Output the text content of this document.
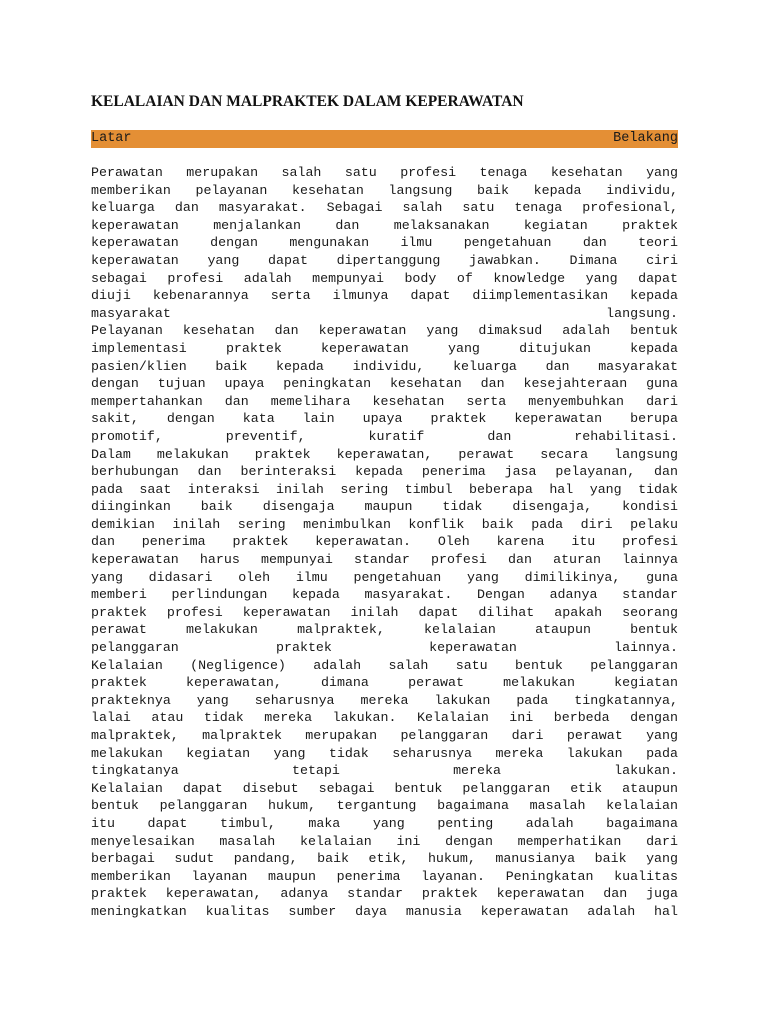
KELALAIAN DAN MALPRAKTEK DALAM KEPERAWATAN
Latar Belakang
Perawatan merupakan salah satu profesi tenaga kesehatan yang
memberikan pelayanan kesehatan langsung baik kepada individu,
keluarga dan masyarakat. Sebagai salah satu tenaga profesional,
keperawatan menjalankan dan melaksanakan kegiatan praktek
keperawatan dengan mengunakan ilmu pengetahuan dan teori
keperawatan yang dapat dipertanggung jawabkan. Dimana ciri
sebagai profesi adalah mempunyai body of knowledge yang dapat
diuji kebenarannya serta ilmunya dapat diimplementasikan kepada
masyarakat langsung.
Pelayanan kesehatan dan keperawatan yang dimaksud adalah bentuk
implementasi praktek keperawatan yang ditujukan kepada
pasien/klien baik kepada individu, keluarga dan masyarakat
dengan tujuan upaya peningkatan kesehatan dan kesejahteraan guna
mempertahankan dan memelihara kesehatan serta menyembuhkan dari
sakit, dengan kata lain upaya praktek keperawatan berupa
promotif, preventif, kuratif dan rehabilitasi.
Dalam melakukan praktek keperawatan, perawat secara langsung
berhubungan dan berinteraksi kepada penerima jasa pelayanan, dan
pada saat interaksi inilah sering timbul beberapa hal yang tidak
diinginkan baik disengaja maupun tidak disengaja, kondisi
demikian inilah sering menimbulkan konflik baik pada diri pelaku
dan penerima praktek keperawatan. Oleh karena itu profesi
keperawatan harus mempunyai standar profesi dan aturan lainnya
yang didasari oleh ilmu pengetahuan yang dimilikinya, guna
memberi perlindungan kepada masyarakat. Dengan adanya standar
praktek profesi keperawatan inilah dapat dilihat apakah seorang
perawat melakukan malpraktek, kelalaian ataupun bentuk
pelanggaran praktek keperawatan lainnya.
Kelalaian (Negligence) adalah salah satu bentuk pelanggaran
praktek keperawatan, dimana perawat melakukan kegiatan
prakteknya yang seharusnya mereka lakukan pada tingkatannya,
lalai atau tidak mereka lakukan. Kelalaian ini berbeda dengan
malpraktek, malpraktek merupakan pelanggaran dari perawat yang
melakukan kegiatan yang tidak seharusnya mereka lakukan pada
tingkatanya tetapi mereka lakukan.
Kelalaian dapat disebut sebagai bentuk pelanggaran etik ataupun
bentuk pelanggaran hukum, tergantung bagaimana masalah kelalaian
itu dapat timbul, maka yang penting adalah bagaimana
menyelesaikan masalah kelalaian ini dengan memperhatikan dari
berbagai sudut pandang, baik etik, hukum, manusianya baik yang
memberikan layanan maupun penerima layanan. Peningkatan kualitas
praktek keperawatan, adanya standar praktek keperawatan dan juga
meningkatkan kualitas sumber daya manusia keperawatan adalah hal
